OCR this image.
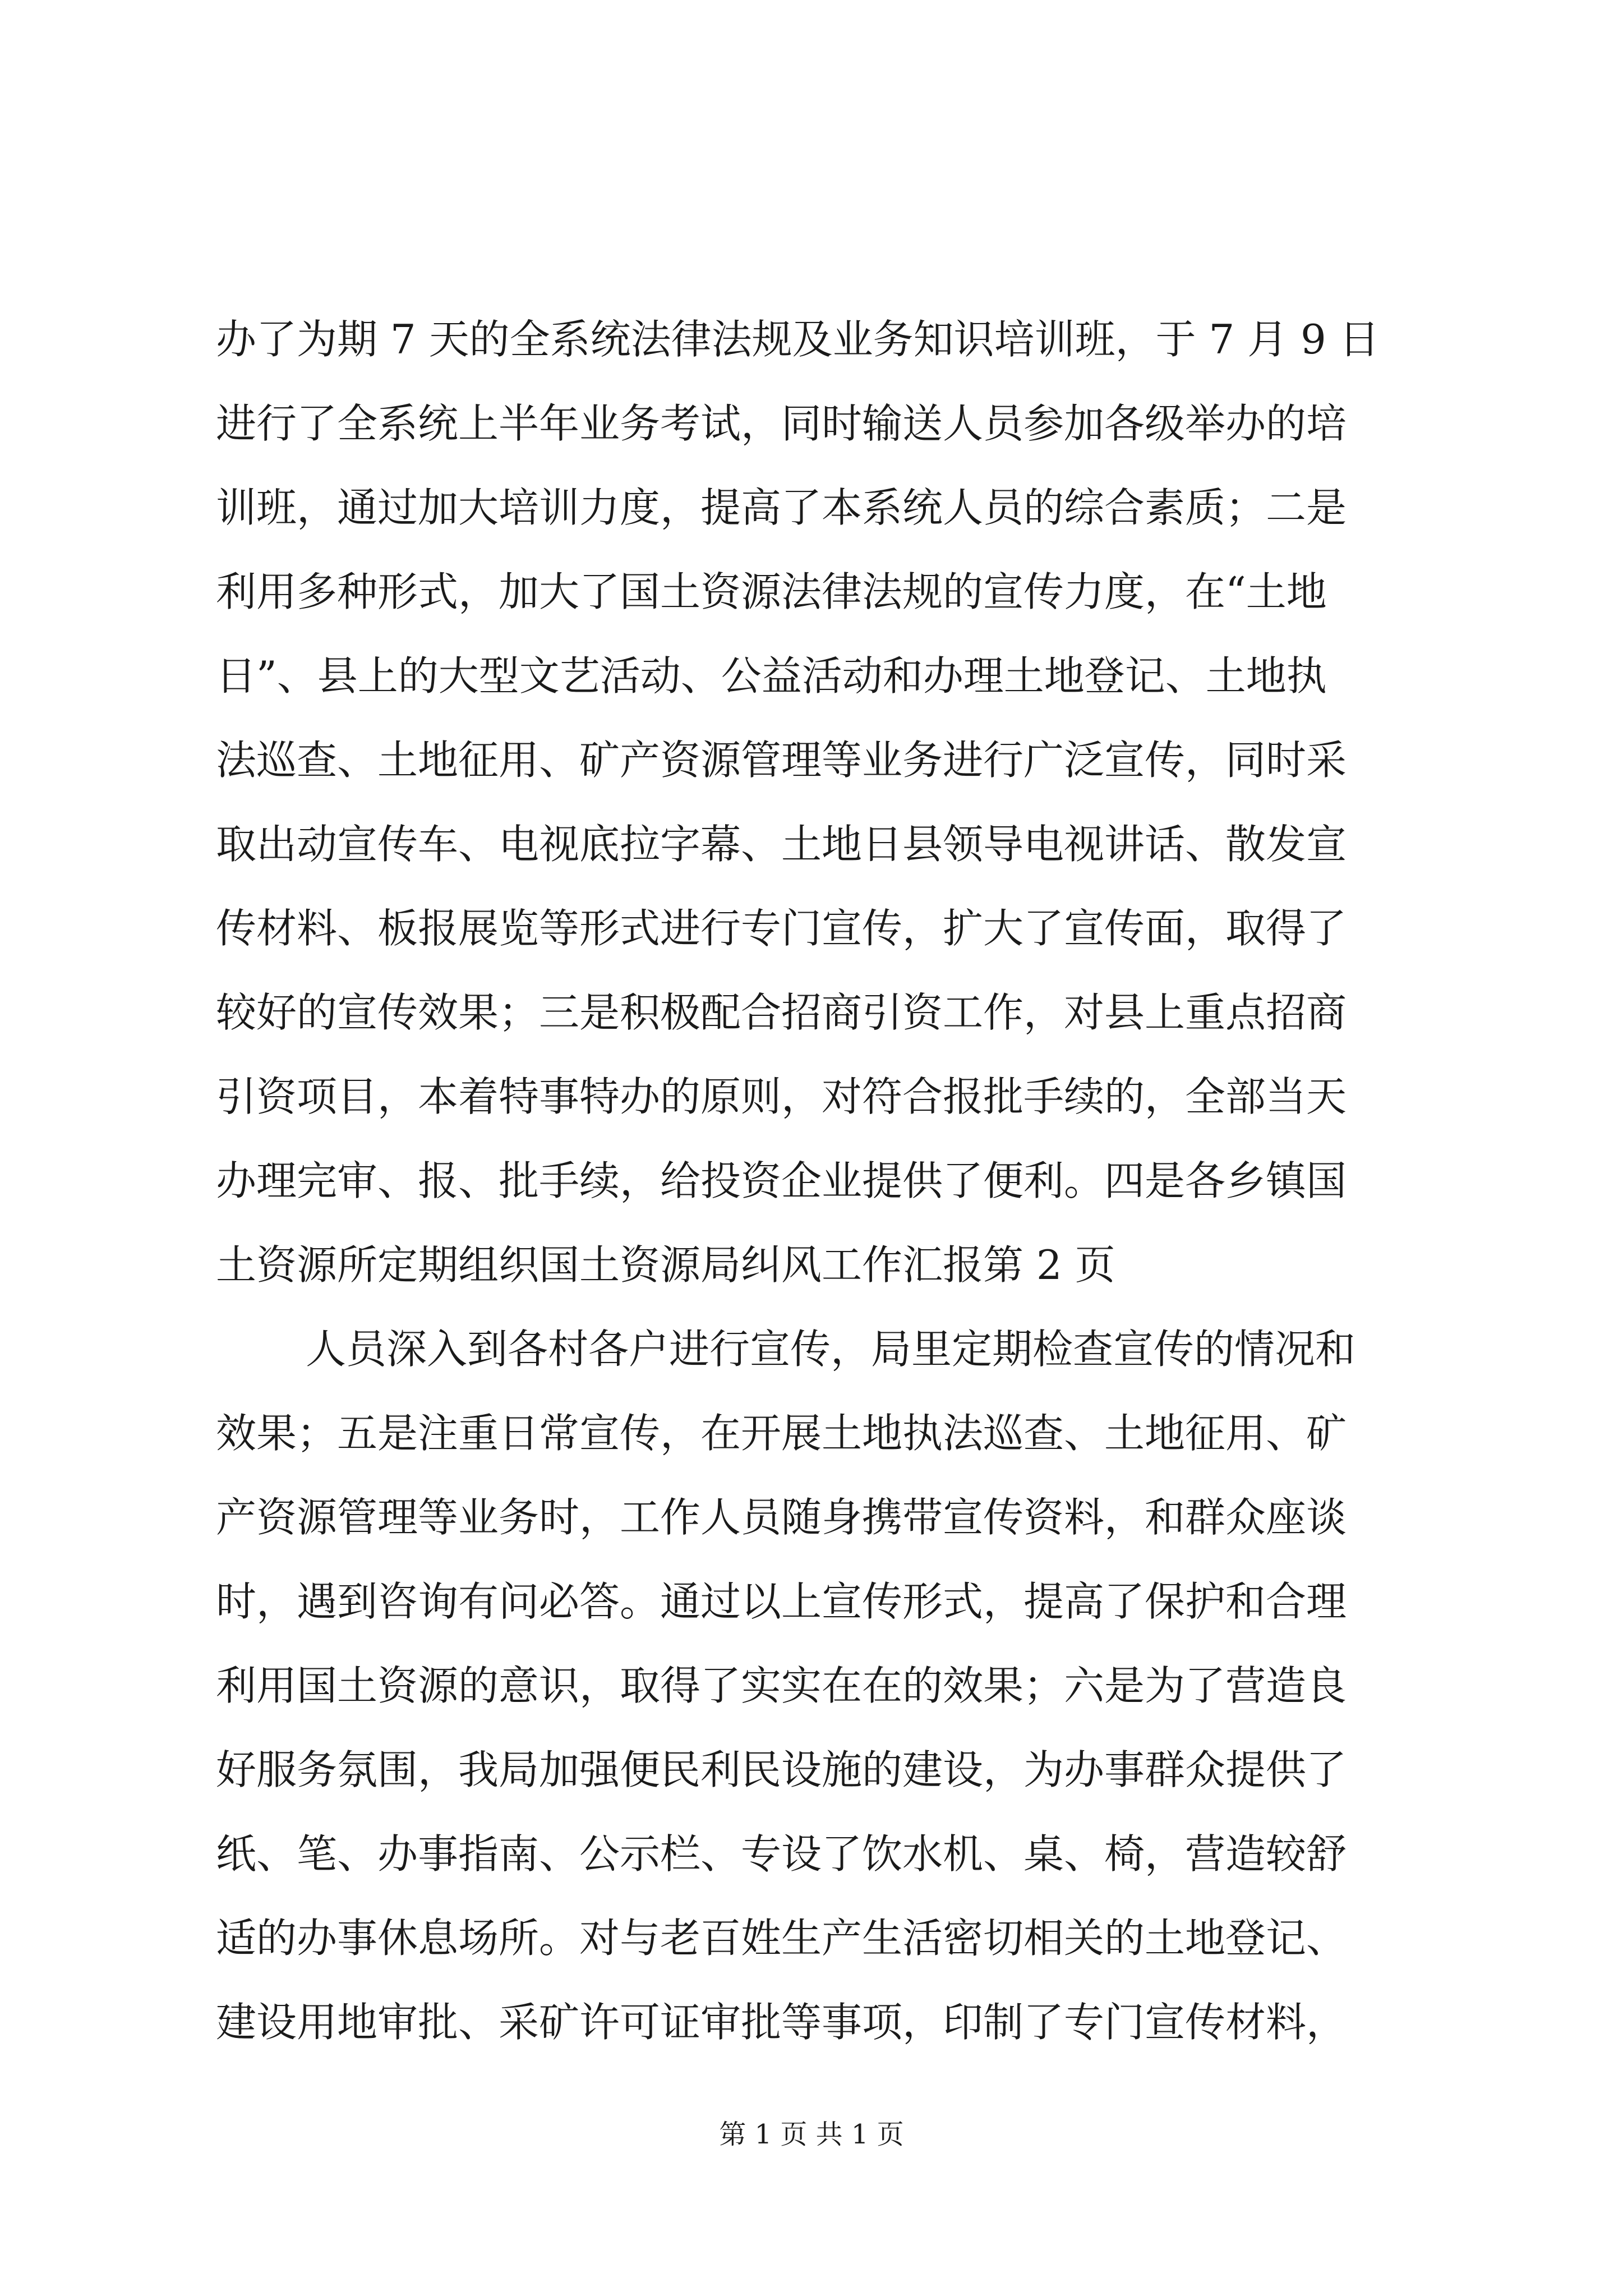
办了为期 7 天的全系统法律法规及业务知识培训班，于 7 月 9 日
进行了全系统上半年业务考试，同时输送人员参加各级举办的培
训班，通过加大培训力度，提高了本系统人员的综合素质；二是
利用多种形式，加大了国土资源法律法规的宣传力度，在“土地
日”、县上的大型文艺活动、公益活动和办理土地登记、土地执
法巡查、土地征用、矿产资源管理等业务进行广泛宣传，同时采
取出动宣传车、电视底拉字幕、土地日县领导电视讲话、散发宣
传材料、板报展览等形式进行专门宣传，扩大了宣传面，取得了
较好的宣传效果；三是积极配合招商引资工作，对县上重点招商
引资项目，本着特事特办的原则，对符合报批手续的，全部当天
办理完审、报、批手续，给投资企业提供了便利。四是各乡镇国
土资源所定期组织国土资源局纠风工作汇报第 2 页
人员深入到各村各户进行宣传，局里定期检查宣传的情况和
效果；五是注重日常宣传，在开展土地执法巡查、土地征用、矿
产资源管理等业务时，工作人员随身携带宣传资料，和群众座谈
时，遇到咨询有问必答。通过以上宣传形式，提高了保护和合理
利用国土资源的意识，取得了实实在在的效果；六是为了营造良
好服务氛围，我局加强便民利民设施的建设，为办事群众提供了
纸、笔、办事指南、公示栏、专设了饮水机、桌、椅，营造较舒
适的办事休息场所。对与老百姓生产生活密切相关的土地登记、
建设用地审批、采矿许可证审批等事项，印制了专门宣传材料，
第 1 页 共 1 页
